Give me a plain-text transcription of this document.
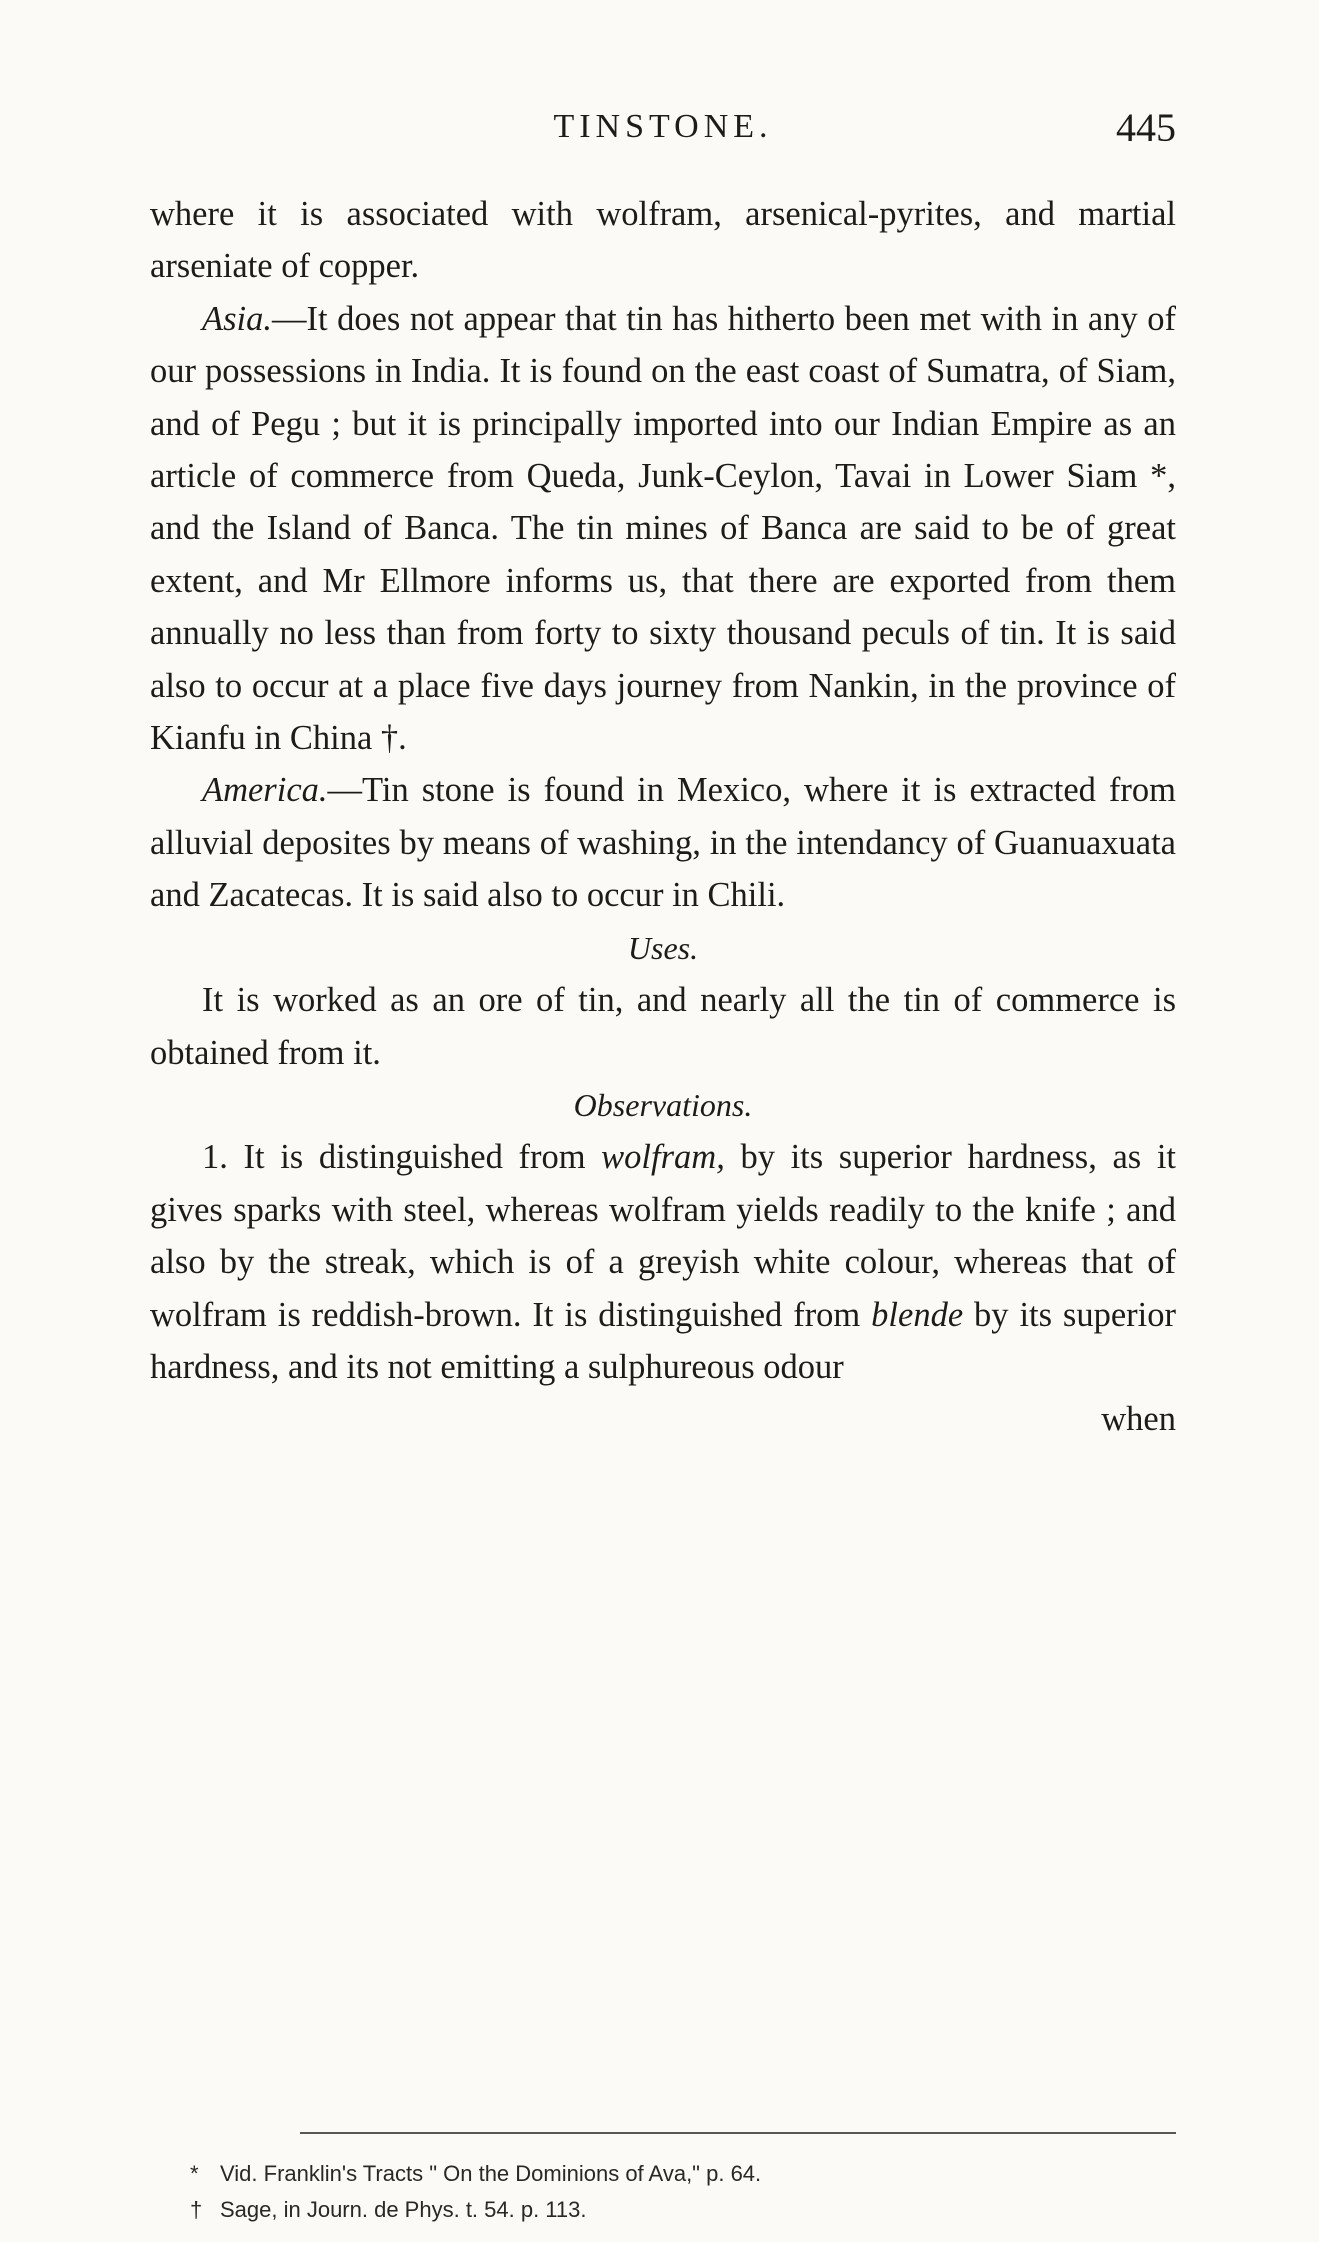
TINSTONE.	445

where it is associated with wolfram, arsenical-pyrites, and martial arseniate of copper.

Asia.—It does not appear that tin has hitherto been met with in any of our possessions in India. It is found on the east coast of Sumatra, of Siam, and of Pegu ; but it is principally imported into our Indian Empire as an article of commerce from Queda, Junk-Ceylon, Tavai in Lower Siam *, and the Island of Banca. The tin mines of Banca are said to be of great extent, and Mr Ellmore informs us, that there are exported from them annually no less than from forty to sixty thousand peculs of tin. It is said also to occur at a place five days journey from Nankin, in the province of Kianfu in China †.

America.—Tin stone is found in Mexico, where it is extracted from alluvial deposites by means of washing, in the intendancy of Guanuaxuata and Zacatecas. It is said also to occur in Chili.

Uses.

It is worked as an ore of tin, and nearly all the tin of commerce is obtained from it.

Observations.

1. It is distinguished from wolfram, by its superior hardness, as it gives sparks with steel, whereas wolfram yields readily to the knife ; and also by the streak, which is of a greyish white colour, whereas that of wolfram is reddish-brown. It is distinguished from blende by its superior hardness, and its not emitting a sulphureous odour

when

* Vid. Franklin's Tracts " On the Dominions of Ava," p. 64.

† Sage, in Journ. de Phys. t. 54. p. 113.
